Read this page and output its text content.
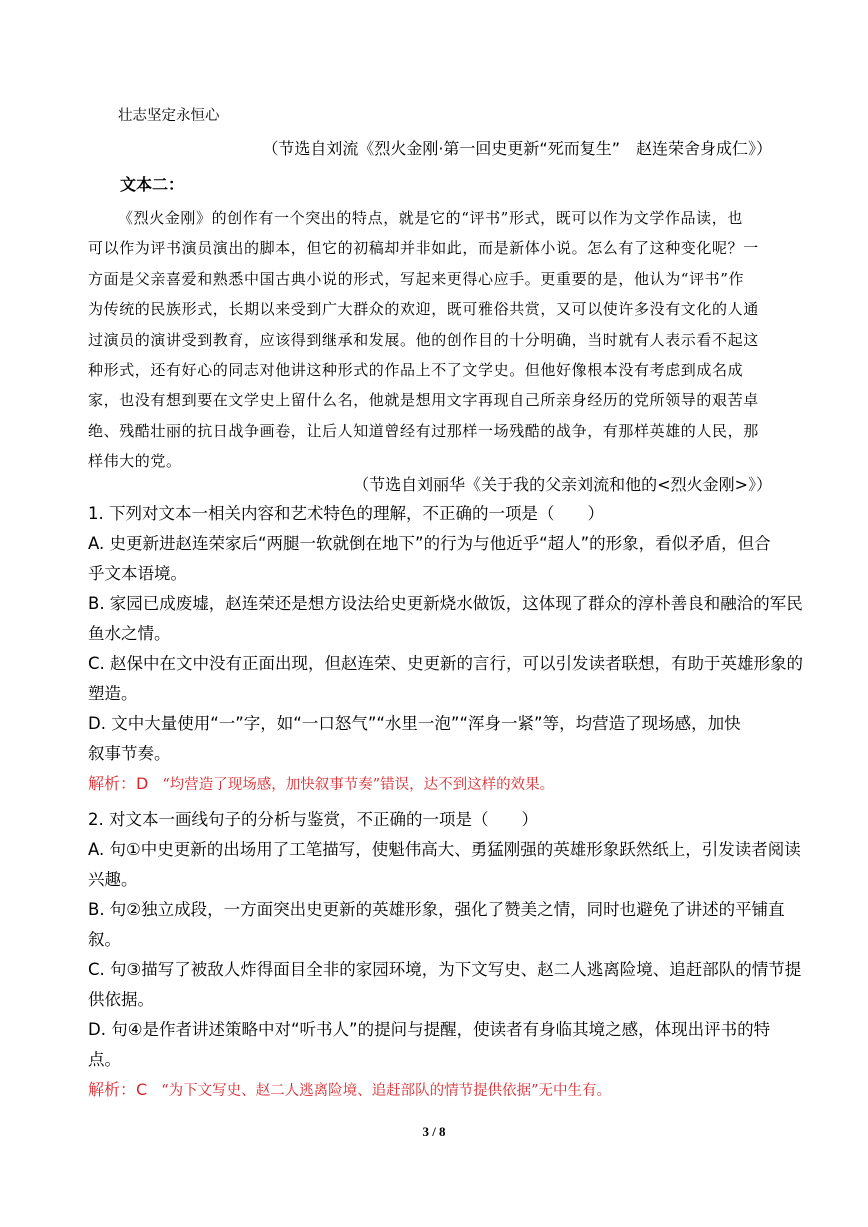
壮志坚定永恒心
（节选自刘流《烈火金刚·第一回史更新“死而复生”　赵连荣舍身成仁》）
文本二：
《烈火金刚》的创作有一个突出的特点，就是它的“评书”形式，既可以作为文学作品读，也
可以作为评书演员演出的脚本，但它的初稿却并非如此，而是新体小说。怎么有了这种变化呢？一
方面是父亲喜爱和熟悉中国古典小说的形式，写起来更得心应手。更重要的是，他认为“评书”作
为传统的民族形式，长期以来受到广大群众的欢迎，既可雅俗共赏，又可以使许多没有文化的人通
过演员的演讲受到教育，应该得到继承和发展。他的创作目的十分明确，当时就有人表示看不起这
种形式，还有好心的同志对他讲这种形式的作品上不了文学史。但他好像根本没有考虑到成名成
家，也没有想到要在文学史上留什么名，他就是想用文字再现自己所亲身经历的党所领导的艰苦卓
绝、残酷壮丽的抗日战争画卷，让后人知道曾经有过那样一场残酷的战争，有那样英雄的人民，那
样伟大的党。
（节选自刘丽华《关于我的父亲刘流和他的<烈火金刚>》）
1. 下列对文本一相关内容和艺术特色的理解，不正确的一项是（　　）
A. 史更新进赵连荣家后“两腿一软就倒在地下”的行为与他近乎“超人”的形象，看似矛盾，但合
乎文本语境。
B. 家园已成废墟，赵连荣还是想方设法给史更新烧水做饭，这体现了群众的淳朴善良和融洽的军民
鱼水之情。
C. 赵保中在文中没有正面出现，但赵连荣、史更新的言行，可以引发读者联想，有助于英雄形象的
塑造。
D. 文中大量使用“一”字，如“一口怒气”“水里一泡”“浑身一紧”等，均营造了现场感，加快
叙事节奏。
解析：D “均营造了现场感，加快叙事节奏”错误，达不到这样的效果。
2. 对文本一画线句子的分析与鉴赏，不正确的一项是（　　）
A. 句①中史更新的出场用了工笔描写，使魁伟高大、勇猛刚强的英雄形象跃然纸上，引发读者阅读
兴趣。
B. 句②独立成段，一方面突出史更新的英雄形象，强化了赞美之情，同时也避免了讲述的平铺直
叙。
C. 句③描写了被敌人炸得面目全非的家园环境，为下文写史、赵二人逃离险境、追赶部队的情节提
供依据。
D. 句④是作者讲述策略中对“听书人”的提问与提醒，使读者有身临其境之感，体现出评书的特
点。
解析：C “为下文写史、赵二人逃离险境、追赶部队的情节提供依据”无中生有。
3 / 8
